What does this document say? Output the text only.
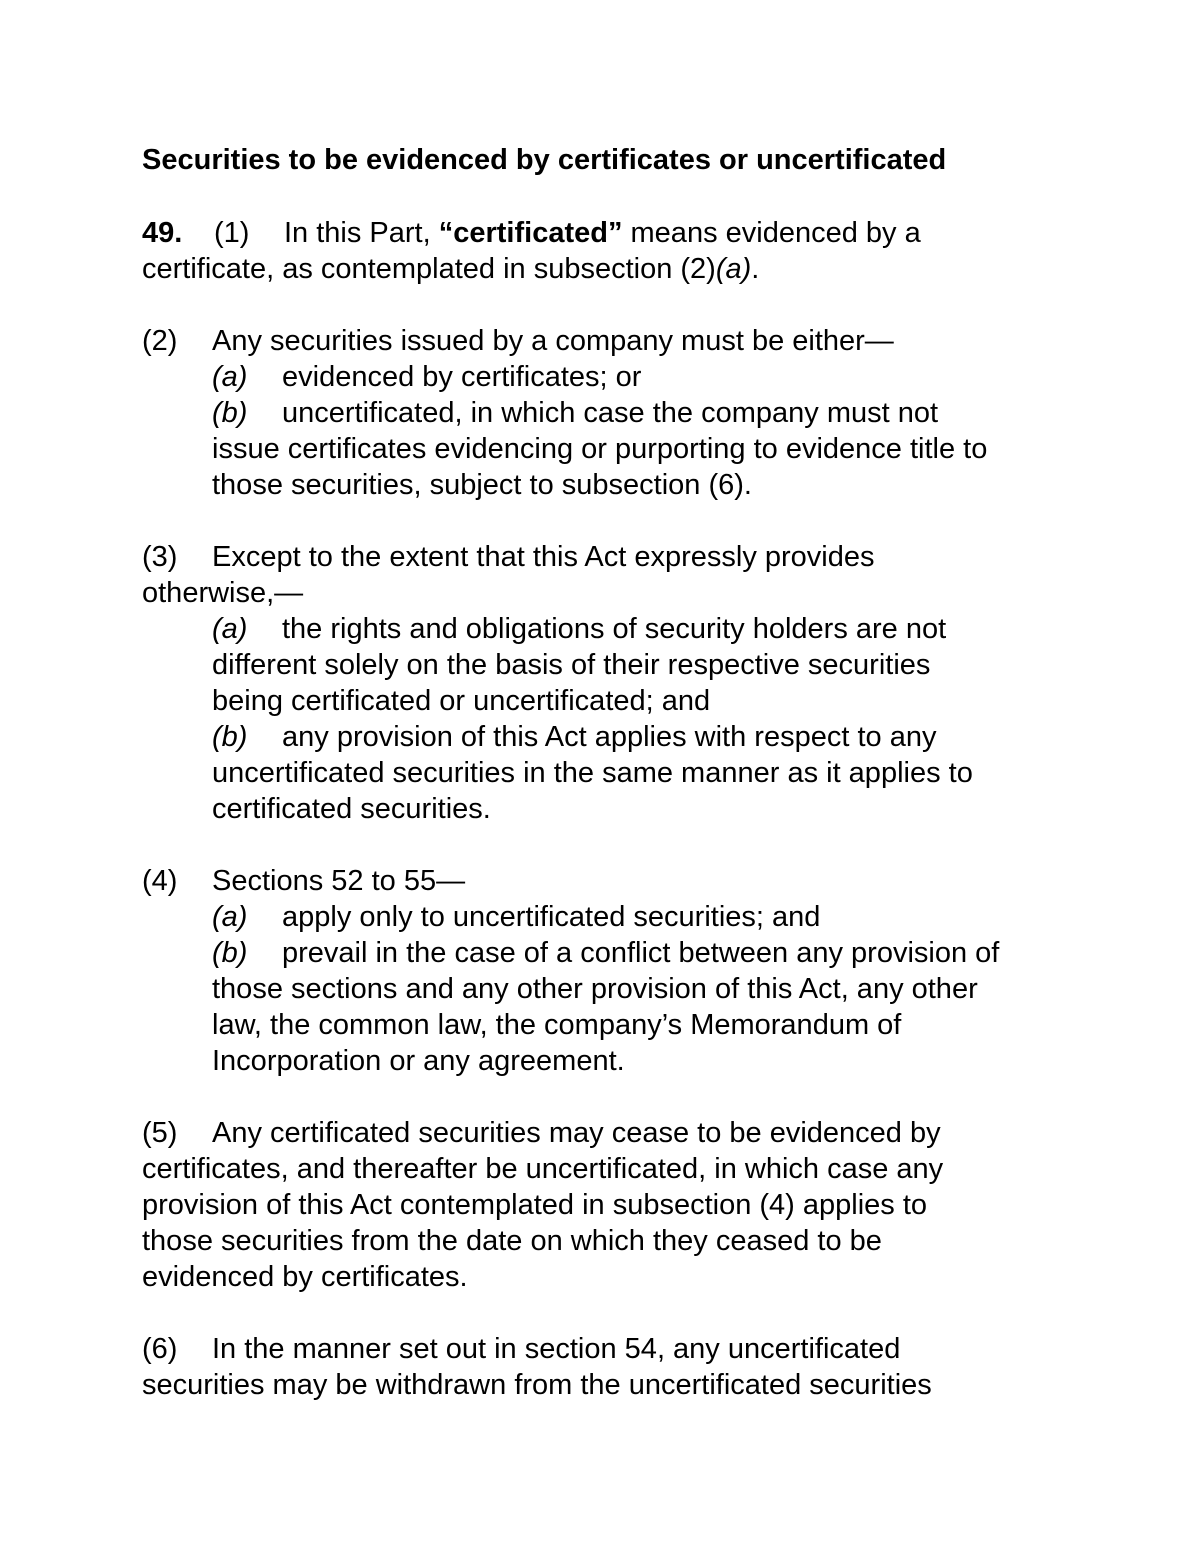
Securities to be evidenced by certificates or uncertificated
49. (1) In this Part, “certificated” means evidenced by a
certificate, as contemplated in subsection (2)(a).
(2) Any securities issued by a company must be either—
(a) evidenced by certificates; or
(b) uncertificated, in which case the company must not
issue certificates evidencing or purporting to evidence title to
those securities, subject to subsection (6).
(3) Except to the extent that this Act expressly provides
otherwise,—
(a) the rights and obligations of security holders are not
different solely on the basis of their respective securities
being certificated or uncertificated; and
(b) any provision of this Act applies with respect to any
uncertificated securities in the same manner as it applies to
certificated securities.
(4) Sections 52 to 55—
(a) apply only to uncertificated securities; and
(b) prevail in the case of a conflict between any provision of
those sections and any other provision of this Act, any other
law, the common law, the company’s Memorandum of
Incorporation or any agreement.
(5) Any certificated securities may cease to be evidenced by
certificates, and thereafter be uncertificated, in which case any
provision of this Act contemplated in subsection (4) applies to
those securities from the date on which they ceased to be
evidenced by certificates.
(6) In the manner set out in section 54, any uncertificated
securities may be withdrawn from the uncertificated securities
